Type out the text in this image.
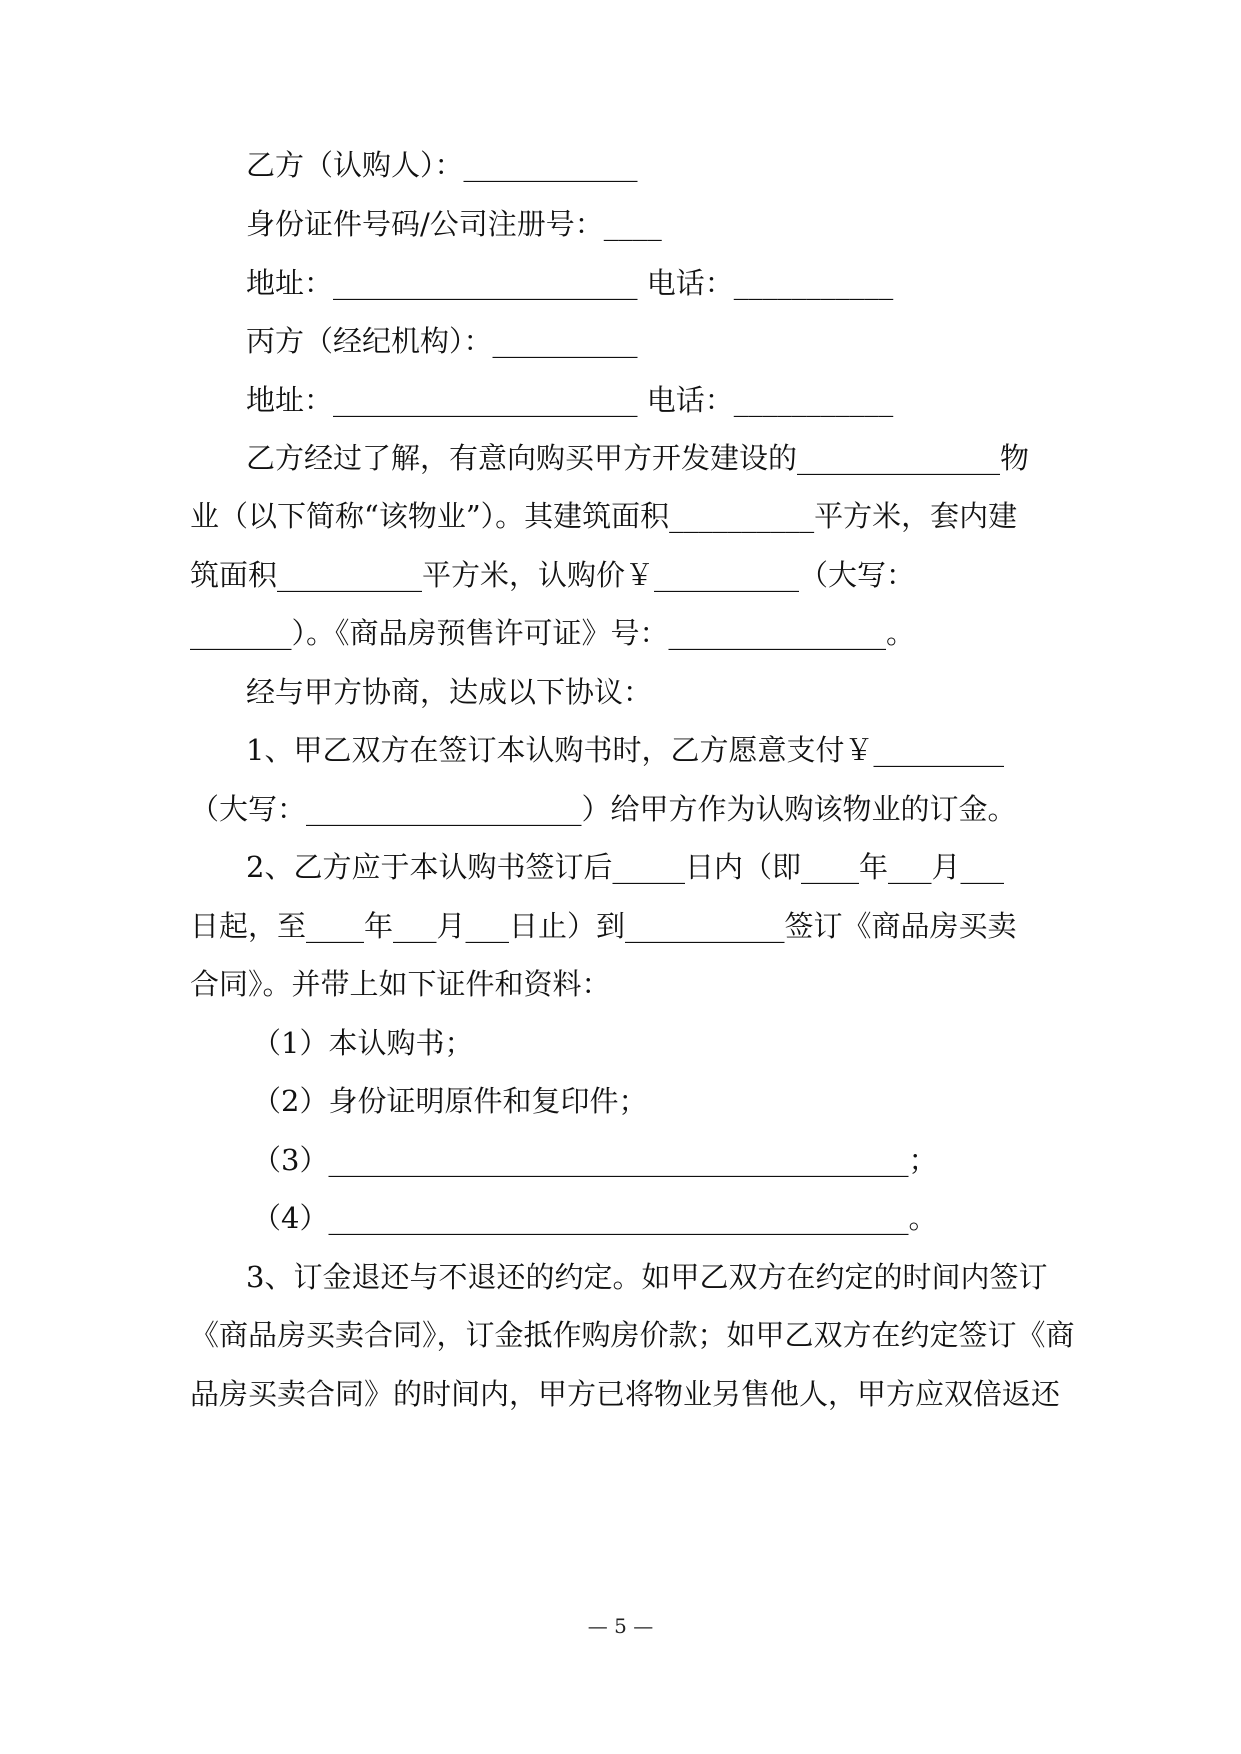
乙方（认购人）：____________
身份证件号码/公司注册号：____
地址：_____________________ 电话：___________
丙方（经纪机构）：__________
地址：_____________________ 电话：___________
乙方经过了解，有意向购买甲方开发建设的______________物
业（以下简称“该物业”）。其建筑面积__________平方米，套内建
筑面积__________平方米，认购价￥__________（大写：
_______）。《商品房预售许可证》号：_______________。
经与甲方协商，达成以下协议：
1、甲乙双方在签订本认购书时，乙方愿意支付￥_________
（大写：___________________）给甲方作为认购该物业的订金。
2、乙方应于本认购书签订后_____日内（即____年___月___
日起，至____年___月___日止）到___________签订《商品房买卖
合同》。并带上如下证件和资料：
（1）本认购书；
（2）身份证明原件和复印件；
（3）________________________________________；
（4）________________________________________。
3、订金退还与不退还的约定。如甲乙双方在约定的时间内签订
《商品房买卖合同》，订金抵作购房价款；如甲乙双方在约定签订《商
品房买卖合同》的时间内，甲方已将物业另售他人，甲方应双倍返还
— 5 —
